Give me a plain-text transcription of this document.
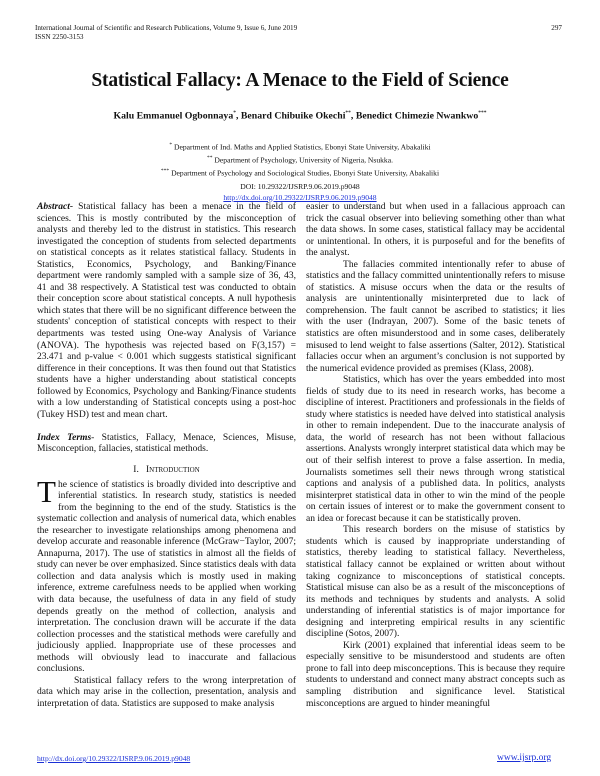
International Journal of Scientific and Research Publications, Volume 9, Issue 6, June 2019
ISSN 2250-3153
297
Statistical Fallacy: A Menace to the Field of Science
Kalu Emmanuel Ogbonnaya*, Benard Chibuike Okechi**, Benedict Chimezie Nwankwo***
* Department of Ind. Maths and Applied Statistics, Ebonyi State University, Abakaliki
** Department of Psychology, University of Nigeria, Nsukka.
*** Department of Psychology and Sociological Studies, Ebonyi State University, Abakaliki
DOI: 10.29322/IJSRP.9.06.2019.p9048
http://dx.doi.org/10.29322/IJSRP.9.06.2019.p9048

Abstract- Statistical fallacy has been a menace in the field of sciences. This is mostly contributed by the misconception of analysts and thereby led to the distrust in statistics. This research investigated the conception of students from selected departments on statistical concepts as it relates statistical fallacy. Students in Statistics, Economics, Psychology, and Banking/Finance department were randomly sampled with a sample size of 36, 43, 41 and 38 respectively. A Statistical test was conducted to obtain their conception score about statistical concepts. A null hypothesis which states that there will be no significant difference between the students' conception of statistical concepts with respect to their departments was tested using One-way Analysis of Variance (ANOVA). The hypothesis was rejected based on F(3,157) = 23.471 and p-value < 0.001 which suggests statistical significant difference in their conceptions. It was then found out that Statistics students have a higher understanding about statistical concepts followed by Economics, Psychology and Banking/Finance students with a low understanding of Statistical concepts using a post-hoc (Tukey HSD) test and mean chart.

Index Terms- Statistics, Fallacy, Menace, Sciences, Misuse, Misconception, fallacies, statistical methods.

I. Introduction

The science of statistics is broadly divided into descriptive and inferential statistics. In research study, statistics is needed from the beginning to the end of the study. Statistics is the systematic collection and analysis of numerical data, which enables the researcher to investigate relationships among phenomena and develop accurate and reasonable inference (McGraw−Taylor, 2007; Annapurna, 2017). The use of statistics in almost all the fields of study can never be over emphasized. Since statistics deals with data collection and data analysis which is mostly used in making inference, extreme carefulness needs to be applied when working with data because, the usefulness of data in any field of study depends greatly on the method of collection, analysis and interpretation. The conclusion drawn will be accurate if the data collection processes and the statistical methods were carefully and judiciously applied. Inappropriate use of these processes and methods will obviously lead to inaccurate and fallacious conclusions.

Statistical fallacy refers to the wrong interpretation of data which may arise in the collection, presentation, analysis and interpretation of data. Statistics are supposed to make analysis

easier to understand but when used in a fallacious approach can trick the casual observer into believing something other than what the data shows. In some cases, statistical fallacy may be accidental or unintentional. In others, it is purposeful and for the benefits of the analyst.

The fallacies commited intentionally refer to abuse of statistics and the fallacy committed unintentionally refers to misuse of statistics. A misuse occurs when the data or the results of analysis are unintentionally misinterpreted due to lack of comprehension. The fault cannot be ascribed to statistics; it lies with the user (Indrayan, 2007). Some of the basic tenets of statistics are often misunderstood and in some cases, deliberately misused to lend weight to false assertions (Salter, 2012). Statistical fallacies occur when an argument’s conclusion is not supported by the numerical evidence provided as premises (Klass, 2008).

Statistics, which has over the years embedded into most fields of study due to its need in research works, has become a discipline of interest. Practitioners and professionals in the fields of study where statistics is needed have delved into statistical analysis in other to remain independent. Due to the inaccurate analysis of data, the world of research has not been without fallacious assertions. Analysts wrongly interpret statistical data which may be out of their selfish interest to prove a false assertion. In media, Journalists sometimes sell their news through wrong statistical captions and analysis of a published data. In politics, analysts misinterpret statistical data in other to win the mind of the people on certain issues of interest or to make the government consent to an idea or forecast because it can be statistically proven.

This research borders on the misuse of statistics by students which is caused by inappropriate understanding of statistics, thereby leading to statistical fallacy. Nevertheless, statistical fallacy cannot be explained or written about without taking cognizance to misconceptions of statistical concepts. Statistical misuse can also be as a result of the misconceptions of its methods and techniques by students and analysts. A solid understanding of inferential statistics is of major importance for designing and interpreting empirical results in any scientific discipline (Sotos, 2007).

Kirk (2001) explained that inferential ideas seem to be especially sensitive to be misunderstood and students are often prone to fall into deep misconceptions. This is because they require students to understand and connect many abstract concepts such as sampling distribution and significance level. Statistical misconceptions are argued to hinder meaningful

http://dx.doi.org/10.29322/IJSRP.9.06.2019.p9048	www.ijsrp.org
